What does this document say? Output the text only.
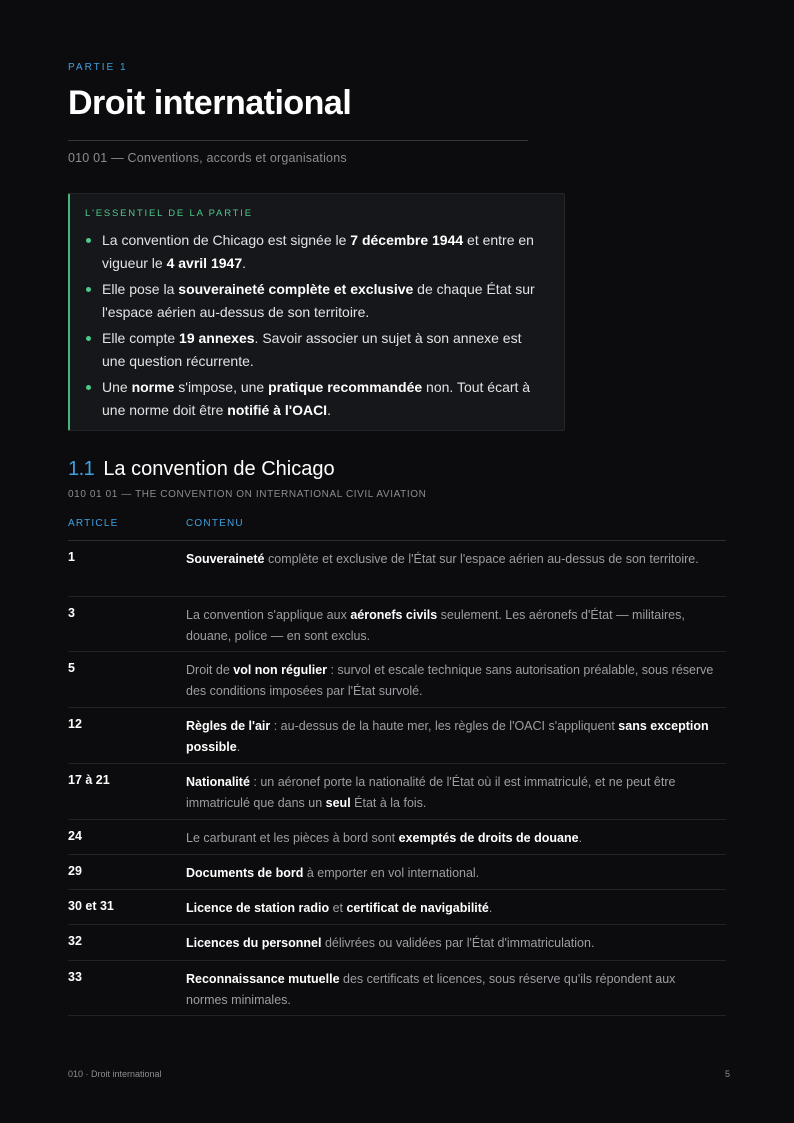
PARTIE 1
Droit international
010 01 — Conventions, accords et organisations
L'ESSENTIEL DE LA PARTIE
La convention de Chicago est signée le 7 décembre 1944 et entre en vigueur le 4 avril 1947.
Elle pose la souveraineté complète et exclusive de chaque État sur l'espace aérien au-dessus de son territoire.
Elle compte 19 annexes. Savoir associer un sujet à son annexe est une question récurrente.
Une norme s'impose, une pratique recommandée non. Tout écart à une norme doit être notifié à l'OACI.
1.1 La convention de Chicago
010 01 01 — THE CONVENTION ON INTERNATIONAL CIVIL AVIATION
ARTICLE	CONTENU
1	Souveraineté complète et exclusive de l'État sur l'espace aérien au-dessus de son territoire.
3	La convention s'applique aux aéronefs civils seulement. Les aéronefs d'État — militaires, douane, police — en sont exclus.
5	Droit de vol non régulier : survol et escale technique sans autorisation préalable, sous réserve des conditions imposées par l'État survolé.
12	Règles de l'air : au-dessus de la haute mer, les règles de l'OACI s'appliquent sans exception possible.
17 à 21	Nationalité : un aéronef porte la nationalité de l'État où il est immatriculé, et ne peut être immatriculé que dans un seul État à la fois.
24	Le carburant et les pièces à bord sont exemptés de droits de douane.
29	Documents de bord à emporter en vol international.
30 et 31	Licence de station radio et certificat de navigabilité.
32	Licences du personnel délivrées ou validées par l'État d'immatriculation.
33	Reconnaissance mutuelle des certificats et licences, sous réserve qu'ils répondent aux normes minimales.
010 · Droit international	5
